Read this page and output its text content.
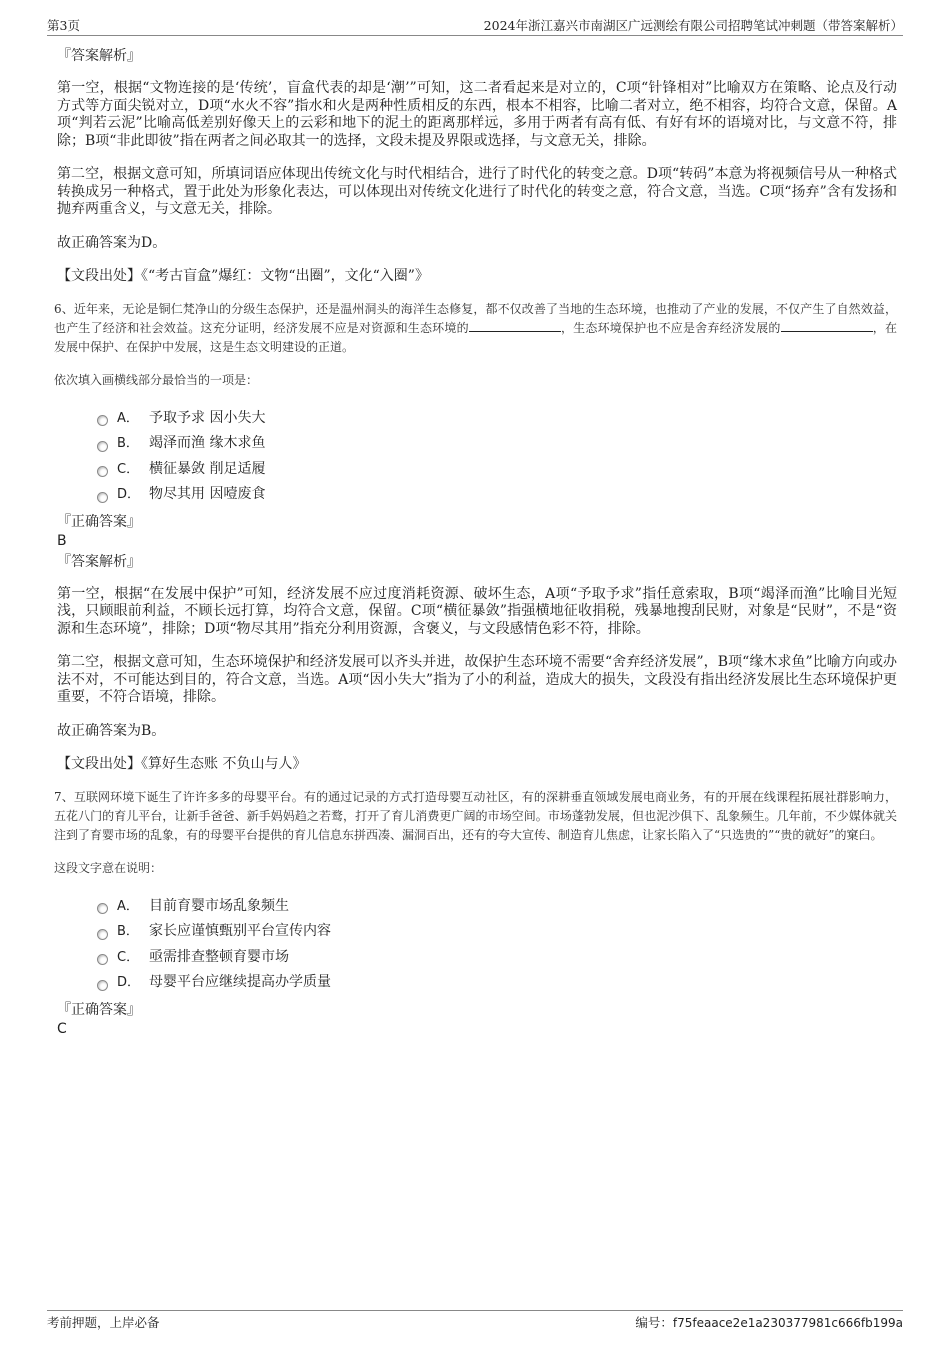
第3页	2024年浙江嘉兴市南湖区广远测绘有限公司招聘笔试冲刺题（带答案解析）
『答案解析』

第一空，根据“文物连接的是‘传统’，盲盒代表的却是‘潮’”可知，这二者看起来是对立的，C项“针锋相对”比喻双方在策略、论点及行动方式等方面尖锐对立，D项“水火不容”指水和火是两种性质相反的东西，根本不相容，比喻二者对立，绝不相容，均符合文意，保留。A项“判若云泥”比喻高低差别好像天上的云彩和地下的泥土的距离那样远，多用于两者有高有低、有好有坏的语境对比，与文意不符，排除；B项“非此即彼”指在两者之间必取其一的选择，文段未提及界限或选择，与文意无关，排除。

第二空，根据文意可知，所填词语应体现出传统文化与时代相结合，进行了时代化的转变之意。D项“转码”本意为将视频信号从一种格式转换成另一种格式，置于此处为形象化表达，可以体现出对传统文化进行了时代化的转变之意，符合文意，当选。C项“扬弃”含有发扬和抛弃两重含义，与文意无关，排除。

故正确答案为D。

【文段出处】《“考古盲盒”爆红：文物“出圈”，文化“入圈”》

6、近年来，无论是铜仁梵净山的分级生态保护，还是温州洞头的海洋生态修复，都不仅改善了当地的生态环境，也推动了产业的发展，不仅产生了自然效益，也产生了经济和社会效益。这充分证明，经济发展不应是对资源和生态环境的	，生态环境保护也不应是舍弃经济发展的	，在发展中保护、在保护中发展，这是生态文明建设的正道。

依次填入画横线部分最恰当的一项是：

A． 予取予求 因小失大
B． 竭泽而渔 缘木求鱼
C． 横征暴敛 削足适履
D． 物尽其用 因噎废食
『正确答案』
B
『答案解析』

第一空，根据“在发展中保护”可知，经济发展不应过度消耗资源、破坏生态，A项“予取予求”指任意索取，B项“竭泽而渔”比喻目光短浅，只顾眼前利益，不顾长远打算，均符合文意，保留。C项“横征暴敛”指强横地征收捐税，残暴地搜刮民财，对象是“民财”，不是“资源和生态环境”，排除；D项“物尽其用”指充分利用资源，含褒义，与文段感情色彩不符，排除。

第二空，根据文意可知，生态环境保护和经济发展可以齐头并进，故保护生态环境不需要“舍弃经济发展”，B项“缘木求鱼”比喻方向或办法不对，不可能达到目的，符合文意，当选。A项“因小失大”指为了小的利益，造成大的损失，文段没有指出经济发展比生态环境保护更重要，不符合语境，排除。

故正确答案为B。

【文段出处】《算好生态账 不负山与人》

7、互联网环境下诞生了许许多多的母婴平台。有的通过记录的方式打造母婴互动社区，有的深耕垂直领域发展电商业务，有的开展在线课程拓展社群影响力，五花八门的育儿平台，让新手爸爸、新手妈妈趋之若鹜，打开了育儿消费更广阔的市场空间。市场蓬勃发展，但也泥沙俱下、乱象频生。几年前，不少媒体就关注到了育婴市场的乱象，有的母婴平台提供的育儿信息东拼西凑、漏洞百出，还有的夸大宣传、制造育儿焦虑，让家长陷入了“只选贵的”“贵的就好”的窠臼。

这段文字意在说明：

A． 目前育婴市场乱象频生
B． 家长应谨慎甄别平台宣传内容
C． 亟需排查整顿育婴市场
D． 母婴平台应继续提高办学质量
『正确答案』
C
考前押题，上岸必备	编号：f75feaace2e1a230377981c666fb199a
